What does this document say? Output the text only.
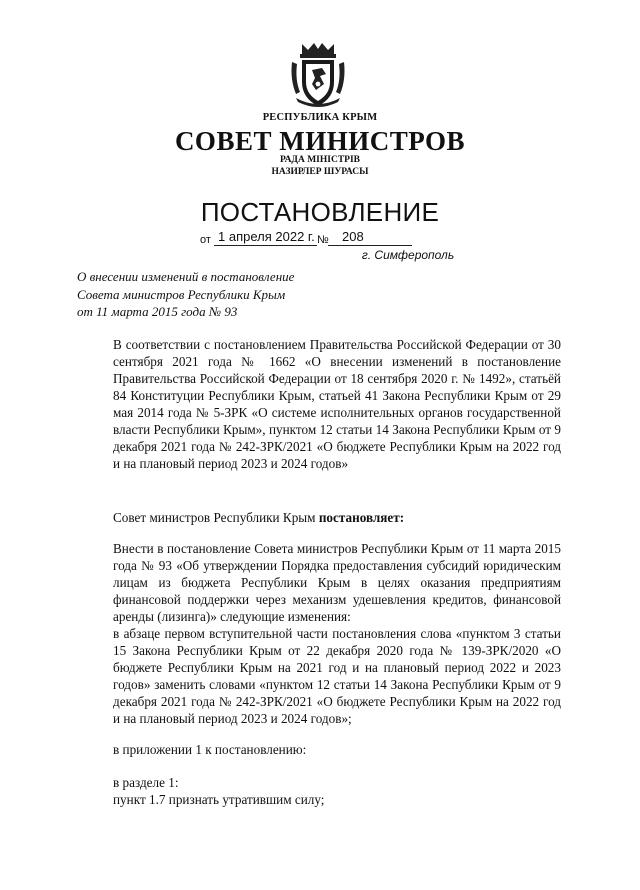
РЕСПУБЛИКА КРЫМ
СОВЕТ МИНИСТРОВ
РАДА МІНІСТРІВ
НАЗИРЛЕР ШУРАСЫ
ПОСТАНОВЛЕНИЕ
от 1 апреля 2022 г. № 208
г. Симферополь
О внесении изменений в постановление
Совета министров Республики Крым
от 11 марта 2015 года № 93
В соответствии с постановлением Правительства Российской Федерации от 30 сентября 2021 года № 1662 «О внесении изменений в постановление Правительства Российской Федерации от 18 сентября 2020 г. № 1492», статьёй 84 Конституции Республики Крым, статьей 41 Закона Республики Крым от 29 мая 2014 года № 5-ЗРК «О системе исполнительных органов государственной власти Республики Крым», пунктом 12 статьи 14 Закона Республики Крым от 9 декабря 2021 года № 242-ЗРК/2021 «О бюджете Республики Крым на 2022 год и на плановый период 2023 и 2024 годов»
Совет министров Республики Крым постановляет:
Внести в постановление Совета министров Республики Крым от 11 марта 2015 года № 93 «Об утверждении Порядка предоставления субсидий юридическим лицам из бюджета Республики Крым в целях оказания предприятиям финансовой поддержки через механизм удешевления кредитов, финансовой аренды (лизинга)» следующие изменения:
в абзаце первом вступительной части постановления слова «пунктом 3 статьи 15 Закона Республики Крым от 22 декабря 2020 года № 139-ЗРК/2020 «О бюджете Республики Крым на 2021 год и на плановый период 2022 и 2023 годов» заменить словами «пунктом 12 статьи 14 Закона Республики Крым от 9 декабря 2021 года № 242-ЗРК/2021 «О бюджете Республики Крым на 2022 год и на плановый период 2023 и 2024 годов»;
в приложении 1 к постановлению:
в разделе 1:
пункт 1.7 признать утратившим силу;
